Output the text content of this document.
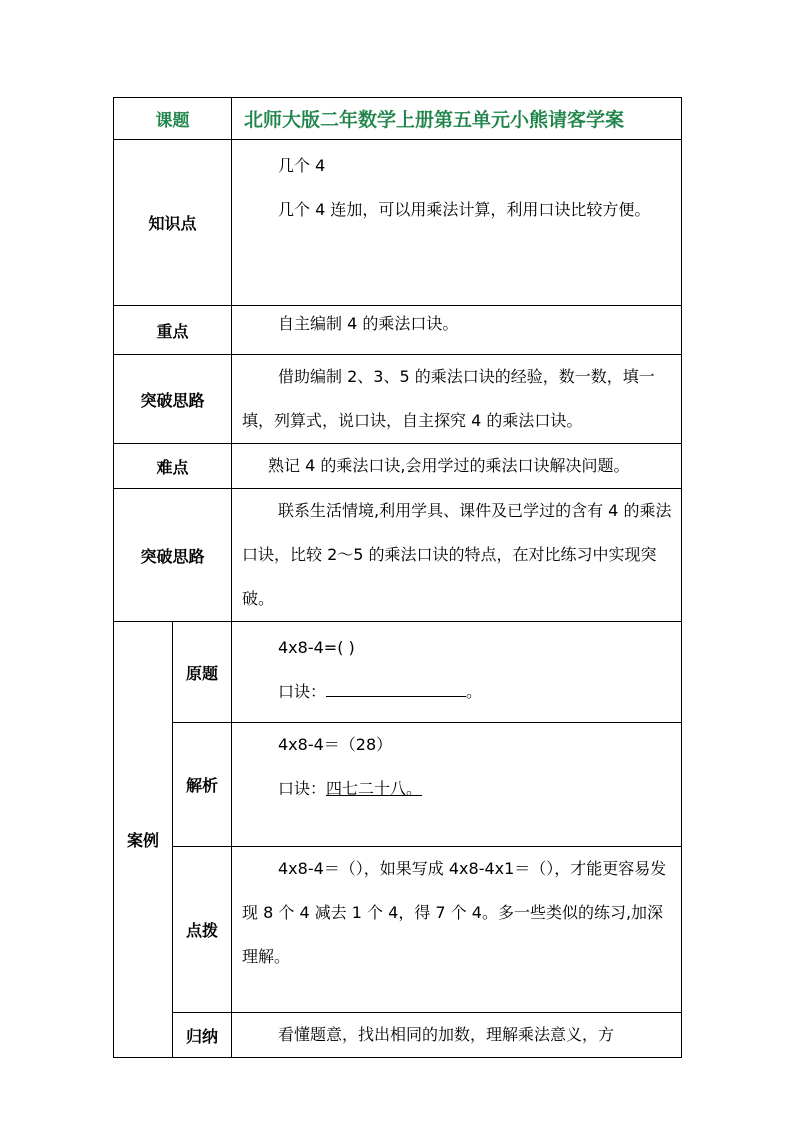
课题		北师大版二年数学上册第五单元小熊请客学案
知识点		几个 4

几个 4 连加，可以用乘法计算，利用口诀比较方便。

重点		自主编制 4 的乘法口诀。

突破思路		借助编制 2、3、5 的乘法口诀的经验，数一数，填一填，列算式，说口诀，自主探究 4 的乘法口诀。

难点		熟记 4 的乘法口诀,会用学过的乘法口诀解决问题。

突破思路		联系生活情境,利用学具、课件及已学过的含有 4 的乘法口诀，比较 2～5 的乘法口诀的特点，在对比练习中实现突破。

案例	原题	4x8-4=( )

口诀： 。

	解析	4x8-4＝（28）

口诀：四七二十八。

	点拨	4x8-4＝（），如果写成 4x8-4x1＝（），才能更容易发现 8 个 4 减去 1 个 4，得 7 个 4。多一些类似的练习,加深理解。

	归纳	看懂题意，找出相同的加数，理解乘法意义，方
